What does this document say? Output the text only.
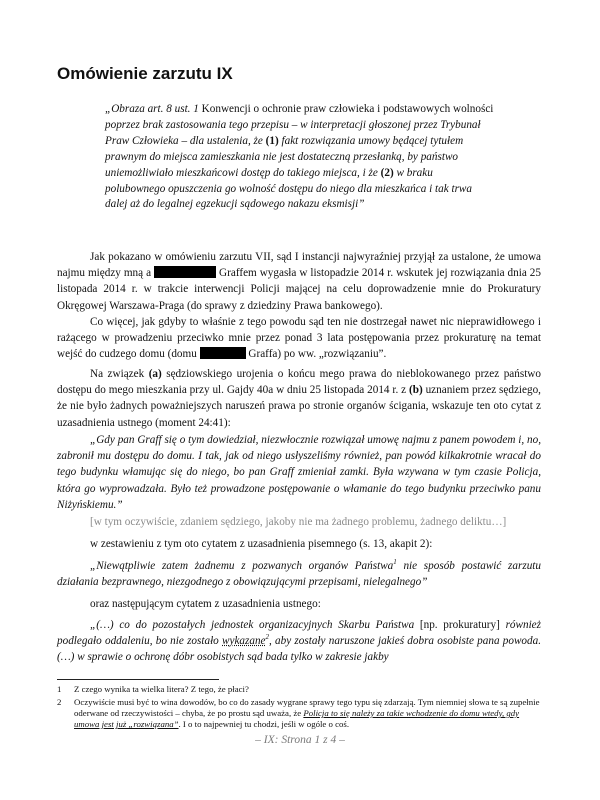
Omówienie zarzutu IX
„Obraza art. 8 ust. 1 Konwencji o ochronie praw człowieka i podstawowych wolności
poprzez brak zastosowania tego przepisu – w interpretacji głoszonej przez Trybunał Praw Człowieka – dla ustalenia, że (1) fakt rozwiązania umowy będącej tytułem prawnym do miejsca zamieszkania nie jest dostateczną przesłanką, by państwo uniemożliwiało mieszkańcowi dostęp do takiego miejsca, i że (2) w braku polubownego opuszczenia go wolność dostępu do niego dla mieszkańca i tak trwa dalej aż do legalnej egzekucji sądowego nakazu eksmisji”
Jak pokazano w omówieniu zarzutu VII, sąd I instancji najwyraźniej przyjął za ustalone, że umowa najmu między mną a	Graffem wygasła w listopadzie 2014 r. wskutek jej rozwiązania dnia 25 listopada 2014 r. w trakcie interwencji Policji mającej na celu doprowadzenie mnie do Prokuratury Okręgowej Warszawa-Praga (do sprawy z dziedziny Prawa bankowego).
Co więcej, jak gdyby to właśnie z tego powodu sąd ten nie dostrzegał nawet nic nieprawidłowego i rażącego w prowadzeniu przeciwko mnie przez ponad 3 lata postępowania przez prokuraturę na temat wejść do cudzego domu (domu	Graffa) po ww. „rozwiązaniu”.
Na związek (a) sędziowskiego urojenia o końcu mego prawa do nieblokowanego przez państwo dostępu do mego mieszkania przy ul. Gajdy 40a w dniu 25 listopada 2014 r. z (b) uznaniem przez sędziego, że nie było żadnych poważniejszych naruszeń prawa po stronie organów ścigania, wskazuje ten oto cytat z uzasadnienia ustnego (moment 24:41):
„Gdy pan Graff się o tym dowiedział, niezwłocznie rozwiązał umowę najmu z panem powodem i, no, zabronił mu dostępu do domu. I tak, jak od niego usłyszeliśmy również, pan powód kilkakrotnie wracał do tego budynku włamując się do niego, bo pan Graff zmieniał zamki. Była wzywana w tym czasie Policja, która go wyprowadzała. Było też prowadzone postępowanie o włamanie do tego budynku przeciwko panu Niżyńskiemu.”
[w tym oczywiście, zdaniem sędziego, jakoby nie ma żadnego problemu, żadnego deliktu…]
w zestawieniu z tym oto cytatem z uzasadnienia pisemnego (s. 13, akapit 2):
„Niewątpliwie zatem żadnemu z pozwanych organów Państwa$^1$ nie sposób postawić zarzutu działania bezprawnego, niezgodnego z obowiązującymi przepisami, nielegalnego”
oraz następującym cytatem z uzasadnienia ustnego:
„(…) co do pozostałych jednostek organizacyjnych Skarbu Państwa [np. prokuratury] również podlegało oddaleniu, bo nie zostało wykazane$^2$, aby zostały naruszone jakieś dobra osobiste pana powoda. (…) w sprawie o ochronę dóbr osobistych sąd bada tylko w zakresie jakby
1	Z czego wynika ta wielka litera? Z tego, że płaci?
2	Oczywiście musi być to wina dowodów, bo co do zasady wygrane sprawy tego typu się zdarzają. Tym niemniej słowa te są zupełnie oderwane od rzeczywistości – chyba, że po prostu sąd uważa, że Policja to się należy za takie wchodzenie do domu wtedy, gdy umowa jest już „rozwiązana”. I o to najpewniej tu chodzi, jeśli w ogóle o coś.
– IX: Strona 1 z 4 –
